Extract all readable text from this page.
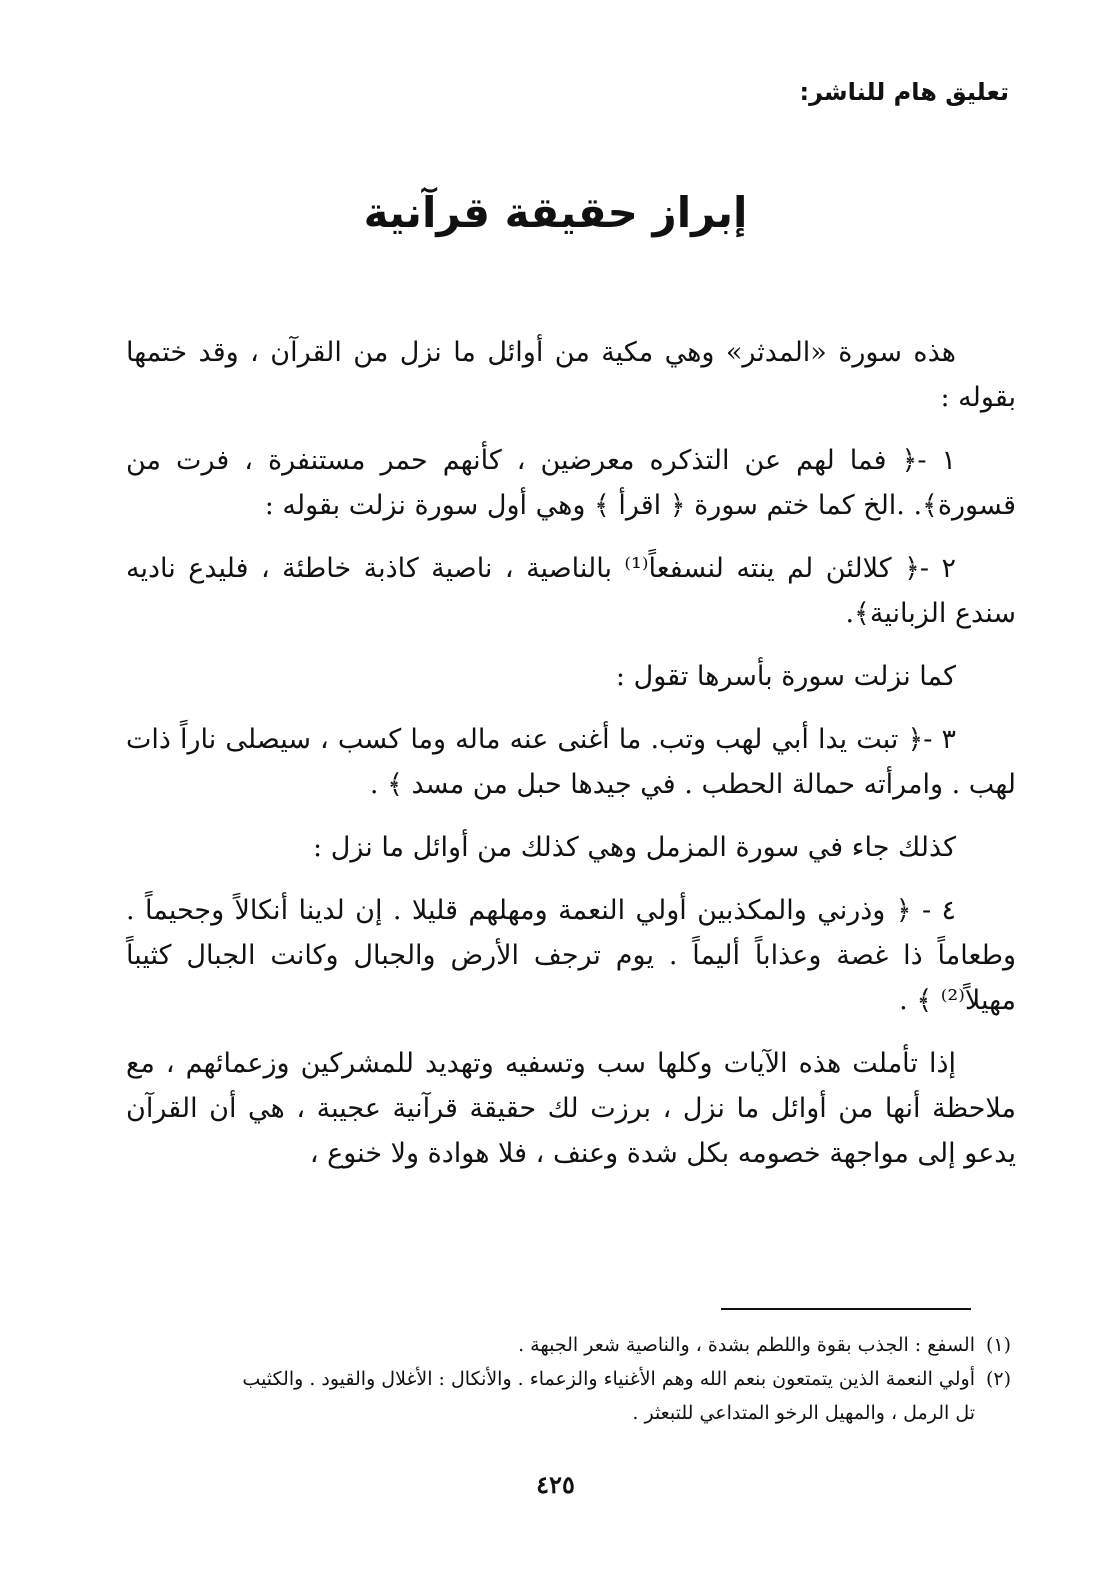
تعليق هام للناشر:
إبراز حقيقة قرآنية

هذه سورة «المدثر» وهي مكية من أوائل ما نزل من القرآن ، وقد ختمها بقوله :

١ -﴿ فما لهم عن التذكره معرضين ، كأنهم حمر مستنفرة ، فرت من قسورة﴾. .الخ كما ختم سورة ﴿ اقرأ ﴾ وهي أول سورة نزلت بقوله :

٢ -﴿ كلالئن لم ينته لنسفعاً⁽¹⁾ بالناصية ، ناصية كاذبة خاطئة ، فليدع ناديه سندع الزبانية﴾.

كما نزلت سورة بأسرها تقول :

٣ -﴿ تبت يدا أبي لهب وتب. ما أغنى عنه ماله وما كسب ، سيصلى ناراً ذات لهب . وامرأته حمالة الحطب . في جيدها حبل من مسد ﴾ .

كذلك جاء في سورة المزمل وهي كذلك من أوائل ما نزل :

٤ - ﴿ وذرني والمكذبين أولي النعمة ومهلهم قليلا . إن لدينا أنكالاً وجحيماً . وطعاماً ذا غصة وعذاباً أليماً . يوم ترجف الأرض والجبال وكانت الجبال كثيباً مهيلاً⁽²⁾ ﴾ .

إذا تأملت هذه الآيات وكلها سب وتسفيه وتهديد للمشركين وزعمائهم ، مع ملاحظة أنها من أوائل ما نزل ، برزت لك حقيقة قرآنية عجيبة ، هي أن القرآن يدعو إلى مواجهة خصومه بكل شدة وعنف ، فلا هوادة ولا خنوع ،

(١)السفع : الجذب بقوة واللطم بشدة ، والناصية شعر الجبهة .

(٢)أولي النعمة الذين يتمتعون بنعم الله وهم الأغنياء والزعماء . والأنكال : الأغلال والقيود . والكثيب

تل الرمل ، والمهيل الرخو المتداعي للتبعثر .

٤٢٥
